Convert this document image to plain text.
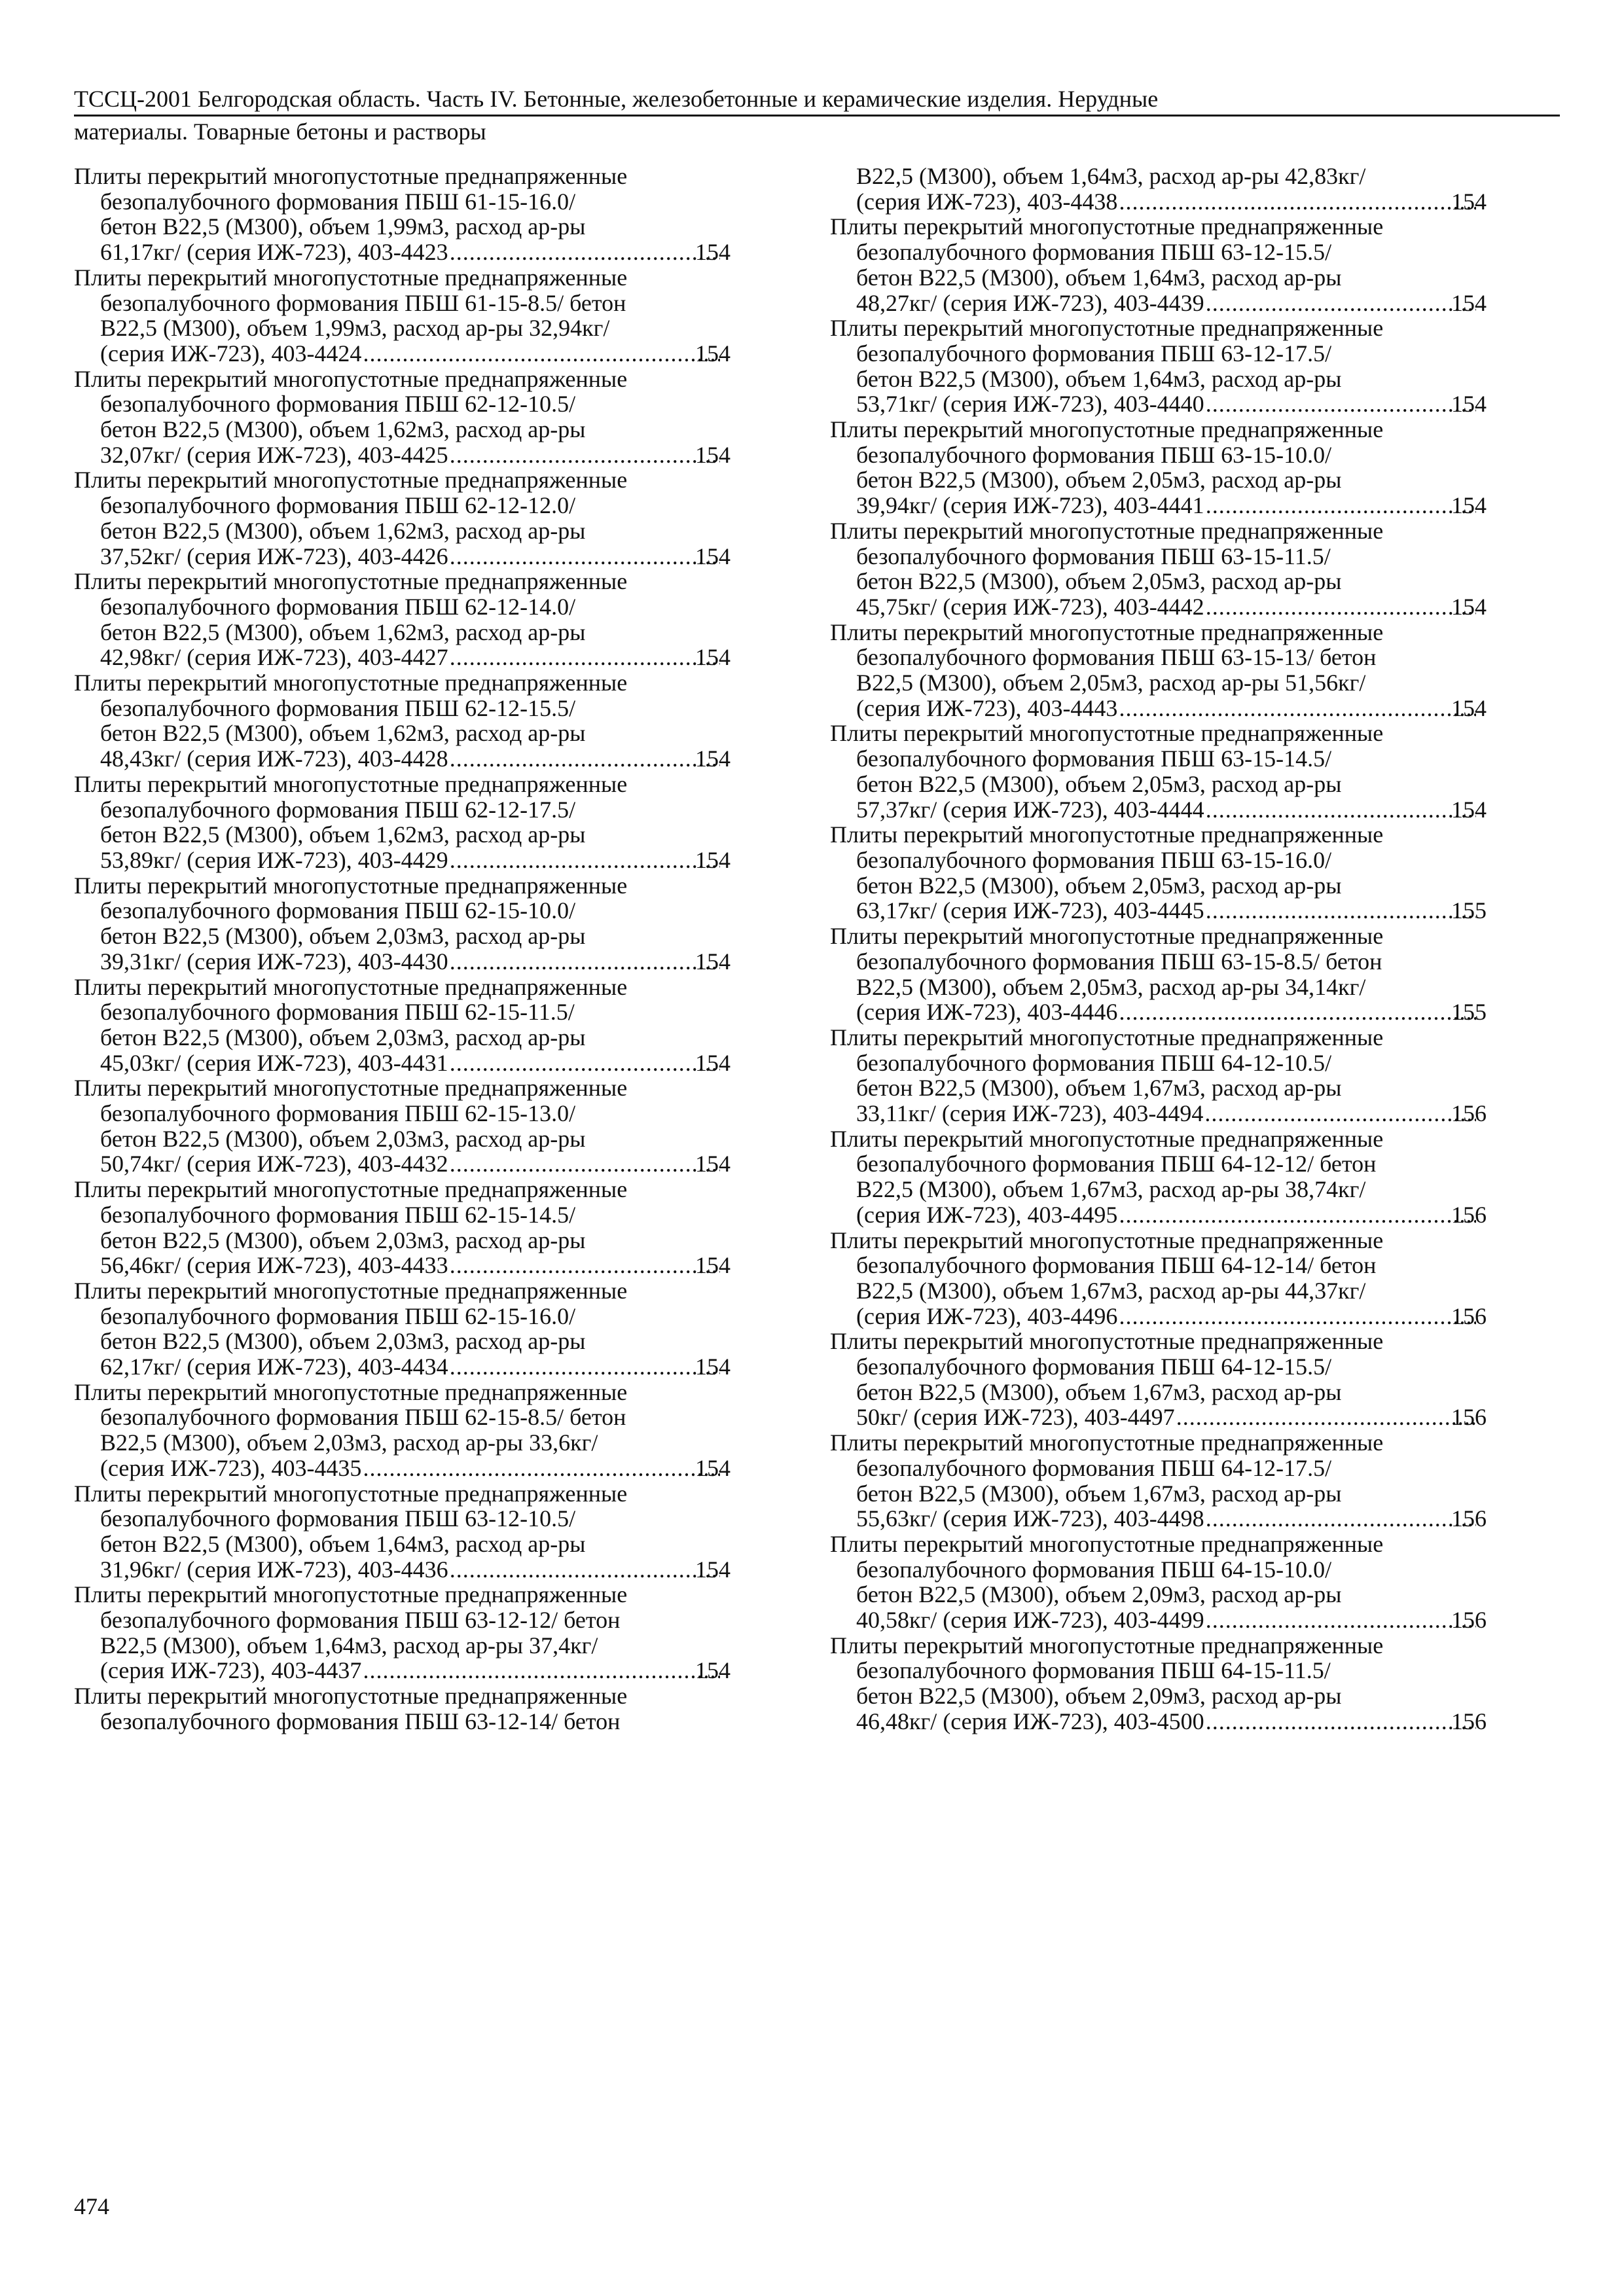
ТССЦ-2001 Белгородская область. Часть IV. Бетонные, железобетонные и керамические изделия. Нерудные
материалы. Товарные бетоны и растворы
Плиты перекрытий многопустотные преднапряженные
безопалубочного формования ПБШ 61-15-16.0/
бетон В22,5 (М300), объем 1,99м3, расход ар-ры
61,17кг/ (серия ИЖ-723), 403-4423 .....	154
Плиты перекрытий многопустотные преднапряженные
безопалубочного формования ПБШ 61-15-8.5/ бетон
В22,5 (М300), объем 1,99м3, расход ар-ры 32,94кг/
(серия ИЖ-723), 403-4424 .....	154
Плиты перекрытий многопустотные преднапряженные
безопалубочного формования ПБШ 62-12-10.5/
бетон В22,5 (М300), объем 1,62м3, расход ар-ры
32,07кг/ (серия ИЖ-723), 403-4425 .....	154
Плиты перекрытий многопустотные преднапряженные
безопалубочного формования ПБШ 62-12-12.0/
бетон В22,5 (М300), объем 1,62м3, расход ар-ры
37,52кг/ (серия ИЖ-723), 403-4426 .....	154
Плиты перекрытий многопустотные преднапряженные
безопалубочного формования ПБШ 62-12-14.0/
бетон В22,5 (М300), объем 1,62м3, расход ар-ры
42,98кг/ (серия ИЖ-723), 403-4427 .....	154
Плиты перекрытий многопустотные преднапряженные
безопалубочного формования ПБШ 62-12-15.5/
бетон В22,5 (М300), объем 1,62м3, расход ар-ры
48,43кг/ (серия ИЖ-723), 403-4428 .....	154
Плиты перекрытий многопустотные преднапряженные
безопалубочного формования ПБШ 62-12-17.5/
бетон В22,5 (М300), объем 1,62м3, расход ар-ры
53,89кг/ (серия ИЖ-723), 403-4429 .....	154
Плиты перекрытий многопустотные преднапряженные
безопалубочного формования ПБШ 62-15-10.0/
бетон В22,5 (М300), объем 2,03м3, расход ар-ры
39,31кг/ (серия ИЖ-723), 403-4430 .....	154
Плиты перекрытий многопустотные преднапряженные
безопалубочного формования ПБШ 62-15-11.5/
бетон В22,5 (М300), объем 2,03м3, расход ар-ры
45,03кг/ (серия ИЖ-723), 403-4431 .....	154
Плиты перекрытий многопустотные преднапряженные
безопалубочного формования ПБШ 62-15-13.0/
бетон В22,5 (М300), объем 2,03м3, расход ар-ры
50,74кг/ (серия ИЖ-723), 403-4432 .....	154
Плиты перекрытий многопустотные преднапряженные
безопалубочного формования ПБШ 62-15-14.5/
бетон В22,5 (М300), объем 2,03м3, расход ар-ры
56,46кг/ (серия ИЖ-723), 403-4433 .....	154
Плиты перекрытий многопустотные преднапряженные
безопалубочного формования ПБШ 62-15-16.0/
бетон В22,5 (М300), объем 2,03м3, расход ар-ры
62,17кг/ (серия ИЖ-723), 403-4434 .....	154
Плиты перекрытий многопустотные преднапряженные
безопалубочного формования ПБШ 62-15-8.5/ бетон
В22,5 (М300), объем 2,03м3, расход ар-ры 33,6кг/
(серия ИЖ-723), 403-4435 .....	154
Плиты перекрытий многопустотные преднапряженные
безопалубочного формования ПБШ 63-12-10.5/
бетон В22,5 (М300), объем 1,64м3, расход ар-ры
31,96кг/ (серия ИЖ-723), 403-4436 .....	154
Плиты перекрытий многопустотные преднапряженные
безопалубочного формования ПБШ 63-12-12/ бетон
В22,5 (М300), объем 1,64м3, расход ар-ры 37,4кг/
(серия ИЖ-723), 403-4437 .....	154
Плиты перекрытий многопустотные преднапряженные
безопалубочного формования ПБШ 63-12-14/ бетон
В22,5 (М300), объем 1,64м3, расход ар-ры 42,83кг/
(серия ИЖ-723), 403-4438 .....	154
Плиты перекрытий многопустотные преднапряженные
безопалубочного формования ПБШ 63-12-15.5/
бетон В22,5 (М300), объем 1,64м3, расход ар-ры
48,27кг/ (серия ИЖ-723), 403-4439 .....	154
Плиты перекрытий многопустотные преднапряженные
безопалубочного формования ПБШ 63-12-17.5/
бетон В22,5 (М300), объем 1,64м3, расход ар-ры
53,71кг/ (серия ИЖ-723), 403-4440 .....	154
Плиты перекрытий многопустотные преднапряженные
безопалубочного формования ПБШ 63-15-10.0/
бетон В22,5 (М300), объем 2,05м3, расход ар-ры
39,94кг/ (серия ИЖ-723), 403-4441 .....	154
Плиты перекрытий многопустотные преднапряженные
безопалубочного формования ПБШ 63-15-11.5/
бетон В22,5 (М300), объем 2,05м3, расход ар-ры
45,75кг/ (серия ИЖ-723), 403-4442 .....	154
Плиты перекрытий многопустотные преднапряженные
безопалубочного формования ПБШ 63-15-13/ бетон
В22,5 (М300), объем 2,05м3, расход ар-ры 51,56кг/
(серия ИЖ-723), 403-4443 .....	154
Плиты перекрытий многопустотные преднапряженные
безопалубочного формования ПБШ 63-15-14.5/
бетон В22,5 (М300), объем 2,05м3, расход ар-ры
57,37кг/ (серия ИЖ-723), 403-4444 .....	154
Плиты перекрытий многопустотные преднапряженные
безопалубочного формования ПБШ 63-15-16.0/
бетон В22,5 (М300), объем 2,05м3, расход ар-ры
63,17кг/ (серия ИЖ-723), 403-4445 .....	155
Плиты перекрытий многопустотные преднапряженные
безопалубочного формования ПБШ 63-15-8.5/ бетон
В22,5 (М300), объем 2,05м3, расход ар-ры 34,14кг/
(серия ИЖ-723), 403-4446 .....	155
Плиты перекрытий многопустотные преднапряженные
безопалубочного формования ПБШ 64-12-10.5/
бетон В22,5 (М300), объем 1,67м3, расход ар-ры
33,11кг/ (серия ИЖ-723), 403-4494 .....	156
Плиты перекрытий многопустотные преднапряженные
безопалубочного формования ПБШ 64-12-12/ бетон
В22,5 (М300), объем 1,67м3, расход ар-ры 38,74кг/
(серия ИЖ-723), 403-4495 .....	156
Плиты перекрытий многопустотные преднапряженные
безопалубочного формования ПБШ 64-12-14/ бетон
В22,5 (М300), объем 1,67м3, расход ар-ры 44,37кг/
(серия ИЖ-723), 403-4496 .....	156
Плиты перекрытий многопустотные преднапряженные
безопалубочного формования ПБШ 64-12-15.5/
бетон В22,5 (М300), объем 1,67м3, расход ар-ры
50кг/ (серия ИЖ-723), 403-4497 .....	156
Плиты перекрытий многопустотные преднапряженные
безопалубочного формования ПБШ 64-12-17.5/
бетон В22,5 (М300), объем 1,67м3, расход ар-ры
55,63кг/ (серия ИЖ-723), 403-4498 .....	156
Плиты перекрытий многопустотные преднапряженные
безопалубочного формования ПБШ 64-15-10.0/
бетон В22,5 (М300), объем 2,09м3, расход ар-ры
40,58кг/ (серия ИЖ-723), 403-4499 .....	156
Плиты перекрытий многопустотные преднапряженные
безопалубочного формования ПБШ 64-15-11.5/
бетон В22,5 (М300), объем 2,09м3, расход ар-ры
46,48кг/ (серия ИЖ-723), 403-4500 .....	156
474
